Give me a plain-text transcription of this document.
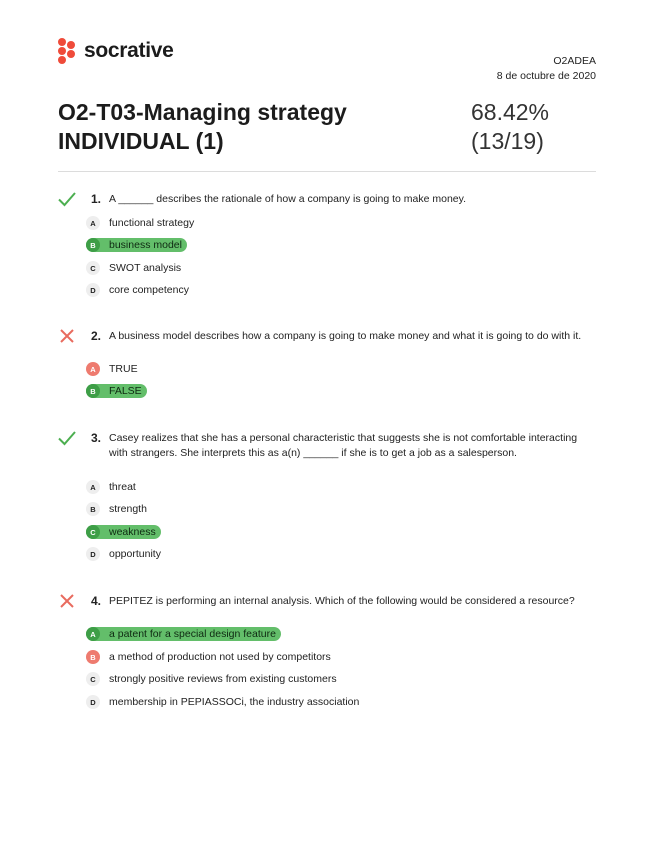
socrative	O2ADEA
8 de octubre de 2020
O2-T03-Managing strategy
INDIVIDUAL (1)
68.42%
(13/19)
1. A ______ describes the rationale of how a company is going to make money.
A	functional strategy
B	business model
C	SWOT analysis
D	core competency
2. A business model describes how a company is going to make money and what it is going to do with it.
A	TRUE
B	FALSE
3. Casey realizes that she has a personal characteristic that suggests she is not comfortable interacting with strangers. She interprets this as a(n) ______ if she is to get a job as a salesperson.
A	threat
B	strength
C	weakness
D	opportunity
4. PEPITEZ is performing an internal analysis. Which of the following would be considered a resource?
A	a patent for a special design feature
B	a method of production not used by competitors
C	strongly positive reviews from existing customers
D	membership in PEPIASSOCi, the industry association
